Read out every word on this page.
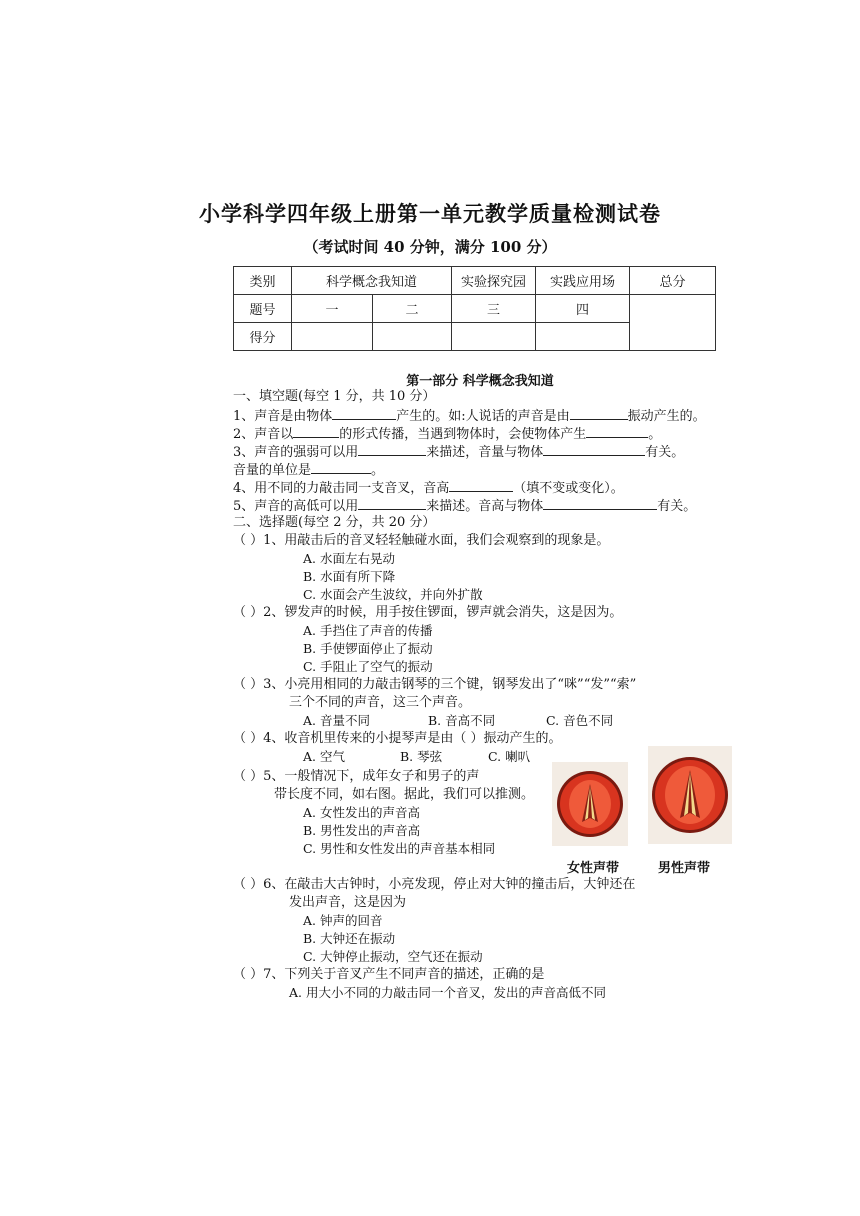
小学科学四年级上册第一单元教学质量检测试卷
（考试时间 40 分钟，满分 100 分）
类别	科学概念我知道		实验探究园	实践应用场	总分
题号	一	二	三	四	
得分					
第一部分 科学概念我知道
一、填空题(每空 1 分，共 10 分）
1、声音是由物体	产生的。如:人说话的声音是由	振动产生的。
2、声音以	的形式传播，当遇到物体时，会使物体产生	。
3、声音的强弱可以用	来描述，音量与物体	有关。
音量的单位是	。
4、用不同的力敲击同一支音叉，音高	（填不变或变化）。
5、声音的高低可以用	来描述。音高与物体	有关。
二、选择题(每空 2 分，共 20 分）
（ ）1、用敲击后的音叉轻轻触碰水面，我们会观察到的现象是。
A. 水面左右晃动
B. 水面有所下降
C. 水面会产生波纹，并向外扩散
（ ）2、锣发声的时候，用手按住锣面，锣声就会消失，这是因为。
A. 手挡住了声音的传播
B. 手使锣面停止了振动
C. 手阻止了空气的振动
（ ）3、小亮用相同的力敲击钢琴的三个键，钢琴发出了“咪”“发”“索”
三个不同的声音，这三个声音。
A. 音量不同	B. 音高不同	C. 音色不同
（ ）4、收音机里传来的小提琴声是由（ ）振动产生的。
A. 空气	B. 琴弦	C. 喇叭
（ ）5、一般情况下，成年女子和男子的声
带长度不同，如右图。据此，我们可以推测。
A. 女性发出的声音高
B. 男性发出的声音高
C. 男性和女性发出的声音基本相同
女性声带	男性声带
（ ）6、在敲击大古钟时，小亮发现，停止对大钟的撞击后，大钟还在
发出声音，这是因为
A. 钟声的回音
B. 大钟还在振动
C. 大钟停止振动，空气还在振动
（ ）7、下列关于音叉产生不同声音的描述，正确的是
A. 用大小不同的力敲击同一个音叉，发出的声音高低不同
